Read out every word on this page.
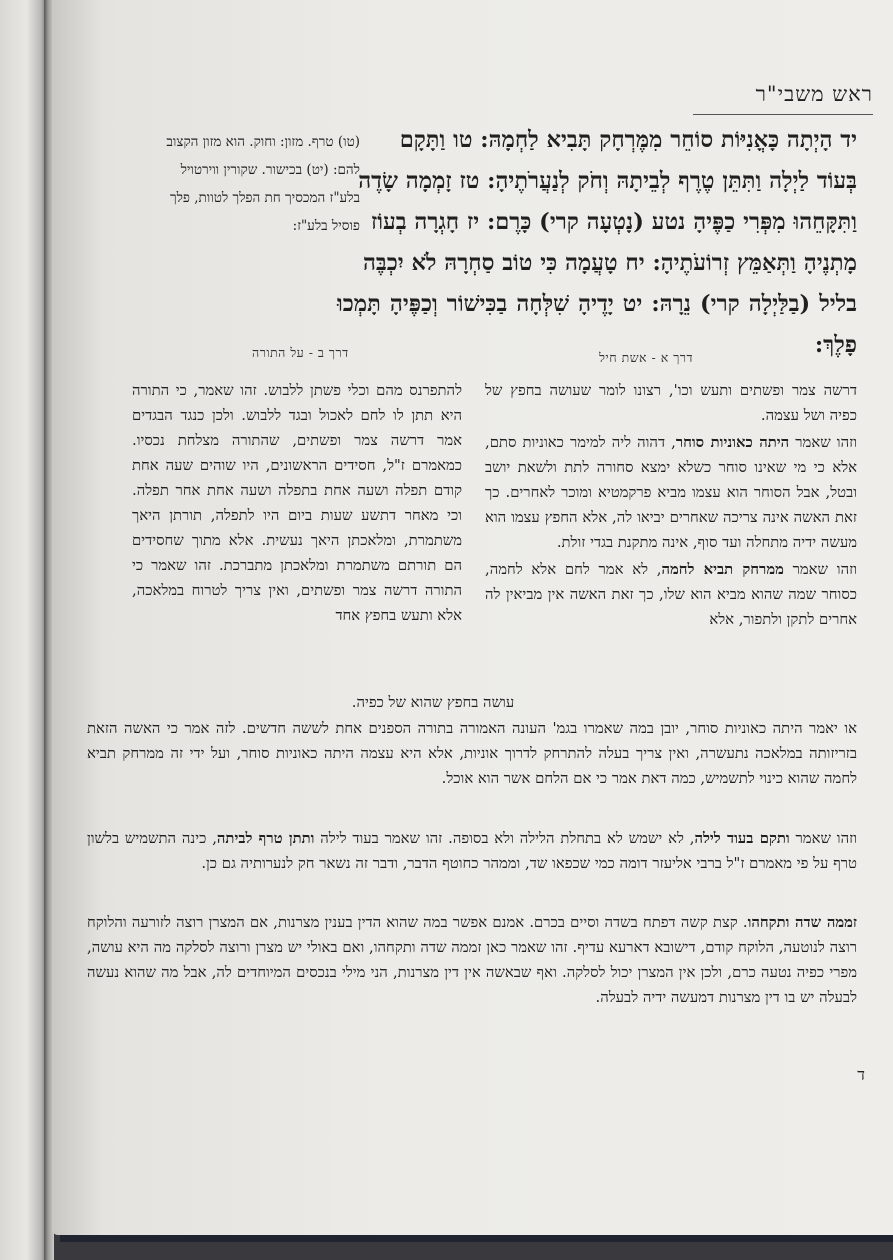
ראש משבי"ר

יד הָיְתָה כָּאֳנִיּוֹת סוֹחֵר מִמֶּרְחָק תָּבִיא לַחְמָהּ: טו וַתָּקָם

בְּעוֹד לַיְלָה וַתִּתֵּן טֶרֶף לְבֵיתָהּ וְחֹק לְנַעֲרֹתֶיהָ: טז זָמְמָה שָׂדֶה

וַתִּקָּחֵהוּ מִפְּרִי כַפֶּיהָ נטע (נָטְעָה קרי) כָּרֶם: יז חָגְרָה בְעוֹז

מָתְנֶיהָ וַתְּאַמֵּץ זְרוֹעֹתֶיהָ: יח טָעֲמָה כִּי טוֹב סַחְרָהּ לֹא יִכְבֶּה

בליל (בַלַּיְלָה קרי) נֵרָהּ: יט יָדֶיהָ שִׁלְּחָה בַכִּישׁוֹר וְכַפֶּיהָ תָּמְכוּ פָלֶךְ:

(טו) טרף. מזון: וחוק. הוא מזון הקצוב
להם: (יט) בכישור. שקורין ווירטויל
בלע"ז המכסיך חת הפלך לטוות, פלך
פוסיל בלע"ז:
דרך א - אשת חיל
דרך ב - על התורה

דרשה צמר ופשתים ותעש וכו', רצונו לומר שעושה בחפץ של כפיה ושל עצמה.

וזהו שאמר היתה כאוניות סוחר, דהוה ליה למימר כאוניות סתם, אלא כי מי שאינו סוחר כשלא ימצא סחורה לתת ולשאת יושב ובטל, אבל הסוחר הוא עצמו מביא פרקמטיא ומוכר לאחרים. כך זאת האשה אינה צריכה שאחרים יביאו לה, אלא החפץ עצמו הוא מעשה ידיה מתחלה ועד סוף, אינה מתקנת בגדי זולת.

וזהו שאמר ממרחק תביא לחמה, לא אמר לחם אלא לחמה, כסוחר שמה שהוא מביא הוא שלו, כך זאת האשה אין מביאין לה אחרים לתקן ולתפור, אלא

להתפרנס מהם וכלי פשתן ללבוש. זהו שאמר, כי התורה היא תתן לו לחם לאכול ובגד ללבוש. ולכן כנגד הבגדים אמר דרשה צמר ופשתים, שהתורה מצלחת נכסיו. כמאמרם ז"ל, חסידים הראשונים, היו שוהים שעה אחת קודם תפלה ושעה אחת בתפלה ושעה אחת אחר תפלה. וכי מאחר דתשע שעות ביום היו לתפלה, תורתן היאך משתמרת, ומלאכתן היאך נעשית. אלא מתוך שחסידים הם תורתם משתמרת ומלאכתן מתברכת. זהו שאמר כי התורה דרשה צמר ופשתים, ואין צריך לטרוח במלאכה, אלא ותעש בחפץ אחד

עושה בחפץ שהוא של כפיה.
או יאמר היתה כאוניות סוחר, יובן במה שאמרו בגמ' העונה האמורה בתורה הספנים אחת לששה חדשים. לזה אמר כי האשה הזאת בזריזותה במלאכה נתעשרה, ואין צריך בעלה להתרחק לדרוך אוניות, אלא היא עצמה היתה כאוניות סוחר, ועל ידי זה ממרחק תביא לחמה שהוא כינוי לתשמיש, כמה דאת אמר כי אם הלחם אשר הוא אוכל.

וזהו שאמר ותקם בעוד לילה, לא ישמש לא בתחלת הלילה ולא בסופה. זהו שאמר בעוד לילה ותתן טרף לביתה, כינה התשמיש בלשון טרף על פי מאמרם ז"ל ברבי אליעזר דומה כמי שכפאו שד, וממהר כחוטף הדבר, ודבר זה נשאר חק לנערותיה גם כן.

זממה שדה ותקחהו. קצת קשה דפתח בשדה וסיים בכרם. אמנם אפשר במה שהוא הדין בענין מצרנות, אם המצרן רוצה לזורעה והלוקח רוצה לנוטעה, הלוקח קודם, דישובא דארעא עדיף. זהו שאמר כאן זממה שדה ותקחהו, ואם באולי יש מצרן ורוצה לסלקה מה היא עושה, מפרי כפיה נטעה כרם, ולכן אין המצרן יכול לסלקה. ואף שבאשה אין דין מצרנות, הני מילי בנכסים המיוחדים לה, אבל מה שהוא נעשה לבעלה יש בו דין מצרנות דמעשה ידיה לבעלה.

ד
